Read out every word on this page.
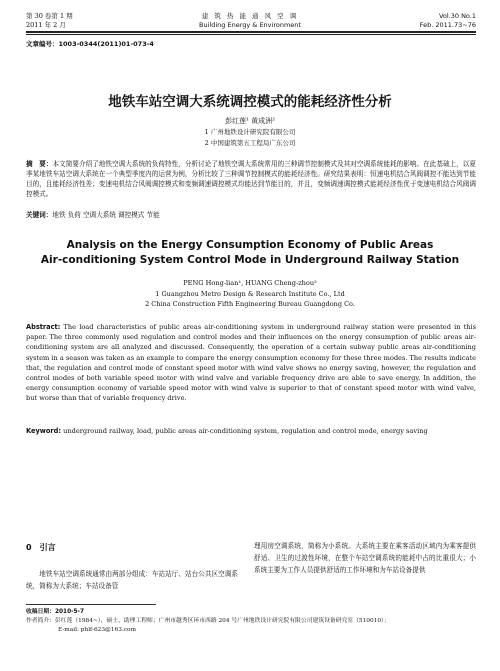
第 30 卷第 1 期
2011 年 2 月
建 筑 热 能 通 风 空 调
Building Energy & Environment
Vol.30 No.1
Feb. 2011.73~76
文章编号：1003-0344(2011)01-073-4
地铁车站空调大系统调控模式的能耗经济性分析
彭红莲¹ 黄成洲²
1 广州地铁设计研究院有限公司
2 中国建筑第五工程局广东公司
摘　要：本文简要介绍了地铁空调大系统的负荷特性，分析讨论了地铁空调大系统常用的三种调节控制模式及其对空调系统能耗的影响。在此基础上，以夏季某地铁车站空调大系统在一个典型季度内的运营为例，分析比较了三种调节控制模式的能耗经济性。研究结果表明：恒速电机结合风阀调控不能达到节能目的，且能耗经济性差；变速电机结合风阀调控模式和变频调速调控模式均能达到节能目的，并且，变频调速调控模式能耗经济性优于变速电机结合风阀调控模式。
关键词：地铁 负荷 空调大系统 调控模式 节能
Analysis on the Energy Consumption Economy of Public Areas
Air-conditioning System Control Mode in Underground Railway Station
PENG Hong-lian¹, HUANG Cheng-zhou²
1 Guangzhou Metro Design & Research Institute Co., Ltd
2 China Construction Fifth Engineering Bureau Guangdong Co.
Abstract: The load characteristics of public areas air-conditioning system in underground railway station were presented in this paper. The three commonly used regulation and control modes and their influences on the energy consumption of public areas air-conditioning system are all analyzed and discussed. Consequently, the operation of a certain subway public areas air-conditioning system in a season was taken as an example to compare the energy consumption economy for these three modes. The results indicate that, the regulation and control mode of constant speed motor with wind valve shows no energy saving, however, the regulation and control modes of both variable speed motor with wind valve and variable frequency drive are able to save energy. In addition, the energy consumption economy of variable speed motor with wind valve is superior to that of constant speed motor with wind valve, but worse than that of variable frequency drive.
Keyword: underground railway, load, public areas air-conditioning system, regulation and control mode, energy saving
0　引言
地铁车站空调系统通常由两部分组成：车站站厅、站台公共区空调系统，简称为大系统；车站设备管
理用房空调系统，简称为小系统。大系统主要在乘客活动区域内为乘客提供舒适、卫生的过渡性环境，在整个车站空调系统的能耗中占的比重很大；小系统主要为工作人员提供舒适的工作环境和为车站设备提供
收稿日期：2010-5-7
作者简介：彭红莲（1984~），硕士，助理工程师；广州市越秀区环市西路 204 号广州地铁设计研究院有限公司建筑设备研究室（510010）；
E-mail: phlf-623@163.com
